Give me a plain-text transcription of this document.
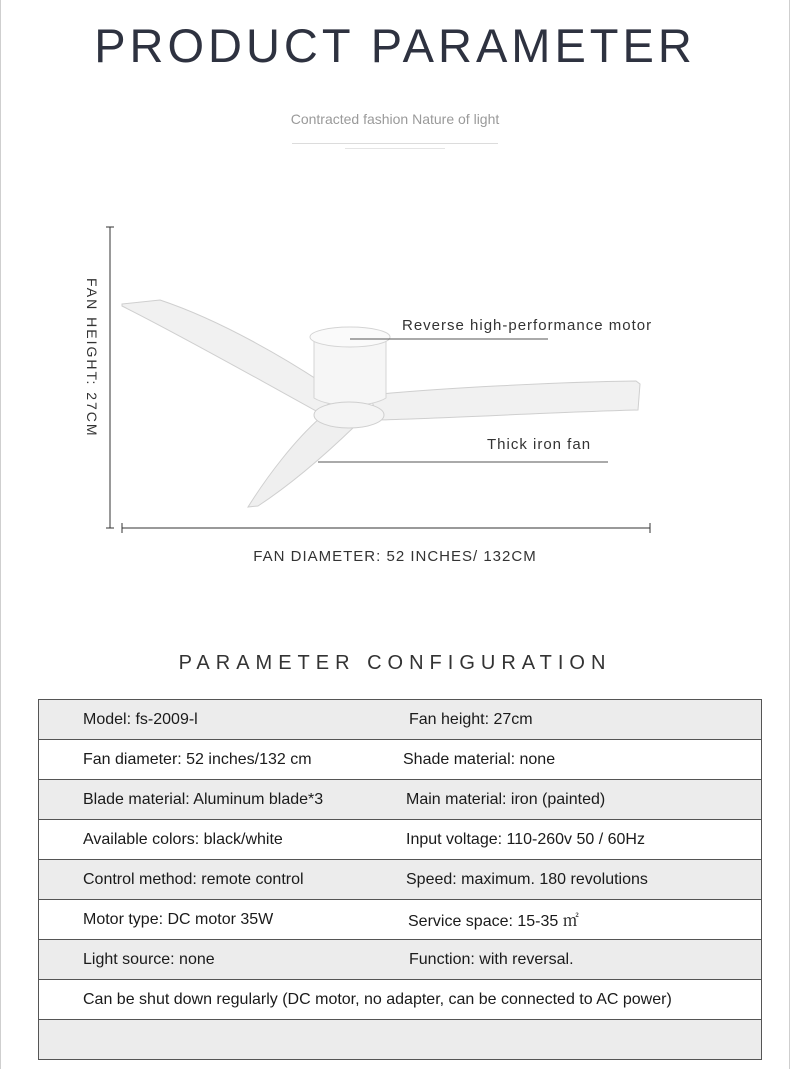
PRODUCT PARAMETER
Contracted fashion Nature of light
FAN HEIGHT: 27CM	Reverse high-performance motor
Thick iron fan
FAN DIAMETER: 52 INCHES/ 132CM
PARAMETER CONFIGURATION
Model: fs-2009-l	Fan height: 27cm
Fan diameter: 52 inches/132 cm	Shade material: none
Blade material: Aluminum blade*3	Main material: iron (painted)
Available colors: black/white	Input voltage: 110-260v 50 / 60Hz
Control method: remote control	Speed: maximum. 180 revolutions
Motor type: DC motor 35W	Service space: 15-35 ㎡
Light source: none	Function: with reversal.
Can be shut down regularly (DC motor, no adapter, can be connected to AC power)
